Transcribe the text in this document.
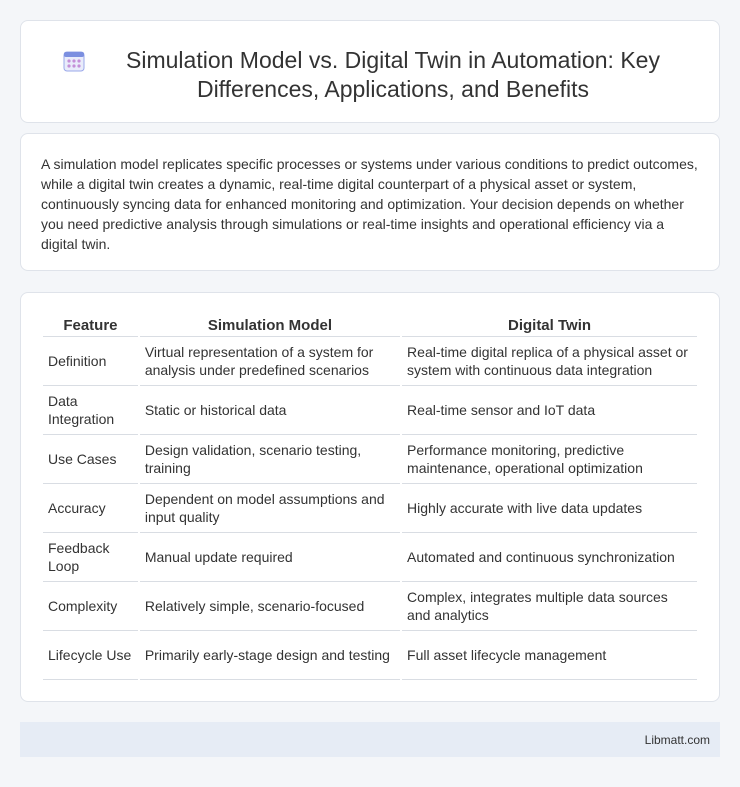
Simulation Model vs. Digital Twin in Automation: Key Differences, Applications, and Benefits

A simulation model replicates specific processes or systems under various conditions to predict outcomes, while a digital twin creates a dynamic, real-time digital counterpart of a physical asset or system, continuously syncing data for enhanced monitoring and optimization. Your decision depends on whether you need predictive analysis through simulations or real-time insights and operational efficiency via a digital twin.

Feature	Simulation Model	Digital Twin
Definition	Virtual representation of a system for analysis under predefined scenarios	Real-time digital replica of a physical asset or system with continuous data integration
Data Integration	Static or historical data	Real-time sensor and IoT data
Use Cases	Design validation, scenario testing, training	Performance monitoring, predictive maintenance, operational optimization
Accuracy	Dependent on model assumptions and input quality	Highly accurate with live data updates
Feedback Loop	Manual update required	Automated and continuous synchronization
Complexity	Relatively simple, scenario-focused	Complex, integrates multiple data sources and analytics
Lifecycle Use	Primarily early-stage design and testing	Full asset lifecycle management
Libmatt.com
